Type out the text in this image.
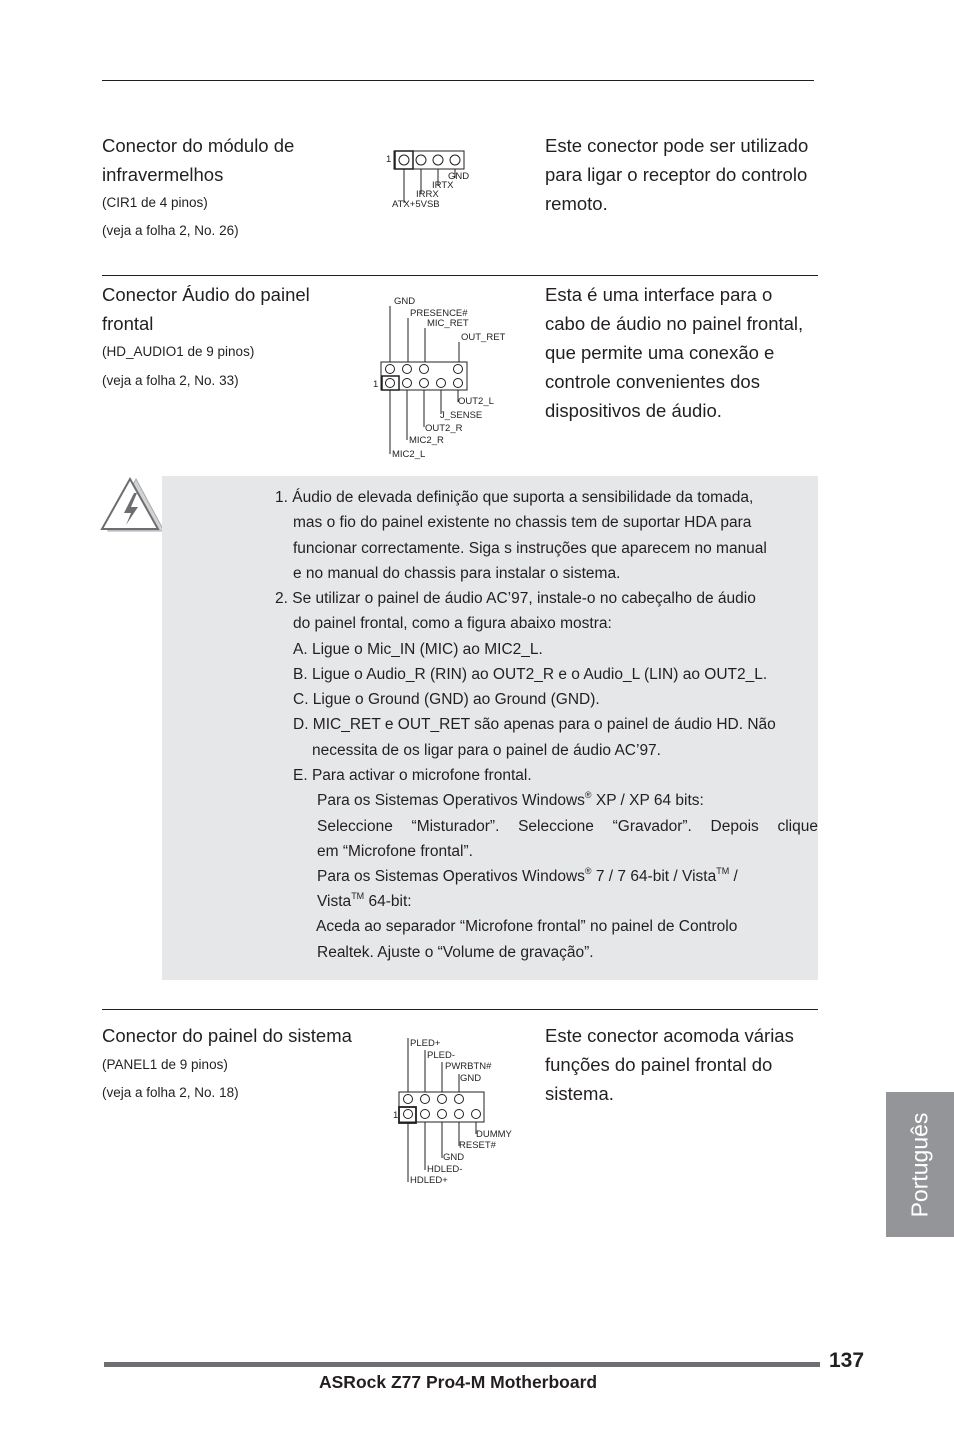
Conector do módulo de
infravermelhos
(CIR1 de 4 pinos)
(veja a folha 2, No. 26)
1
GND
IRTX
IRRX
ATX+5VSB
Este conector pode ser utilizado
para ligar o receptor do controlo
remoto.
Conector Áudio do painel
frontal
(HD_AUDIO1 de 9 pinos)
(veja a folha 2, No. 33)
GND
PRESENCE#
MIC_RET
OUT_RET
1
OUT2_L
J_SENSE
OUT2_R
MIC2_R
MIC2_L
Esta é uma interface para o
cabo de áudio no painel frontal,
que permite uma conexão e
controle convenientes dos
dispositivos de áudio.
1. Áudio de elevada definição que suporta a sensibilidade da tomada,
mas o fio do painel existente no chassis tem de suportar HDA para
funcionar correctamente. Siga s instruções que aparecem no manual
e no manual do chassis para instalar o sistema.
2. Se utilizar o painel de áudio AC’97, instale-o no cabeçalho de áudio
do painel frontal, como a figura abaixo mostra:
A. Ligue o Mic_IN (MIC) ao MIC2_L.
B. Ligue o Audio_R (RIN) ao OUT2_R e o Audio_L (LIN) ao OUT2_L.
C. Ligue o Ground (GND) ao Ground (GND).
D. MIC_RET e OUT_RET são apenas para o painel de áudio HD. Não
necessita de os ligar para o painel de áudio AC’97.
E. Para activar o microfone frontal.
Para os Sistemas Operativos Windows® XP / XP 64 bits:
Seleccione “Misturador”. Seleccione “Gravador”. Depois clique
em “Microfone frontal”.
Para os Sistemas Operativos Windows® 7 / 7 64-bit / Vista™ /
Vista™ 64-bit:
Aceda ao separador “Microfone frontal” no painel de Controlo
Realtek. Ajuste o “Volume de gravação”.
Conector do painel do sistema
(PANEL1 de 9 pinos)
(veja a folha 2, No. 18)
PLED+
PLED-
PWRBTN#
GND
1
DUMMY
RESET#
GND
HDLED-
HDLED+
Este conector acomoda várias
funções do painel frontal do
sistema.
Português
137
ASRock Z77 Pro4-M Motherboard
